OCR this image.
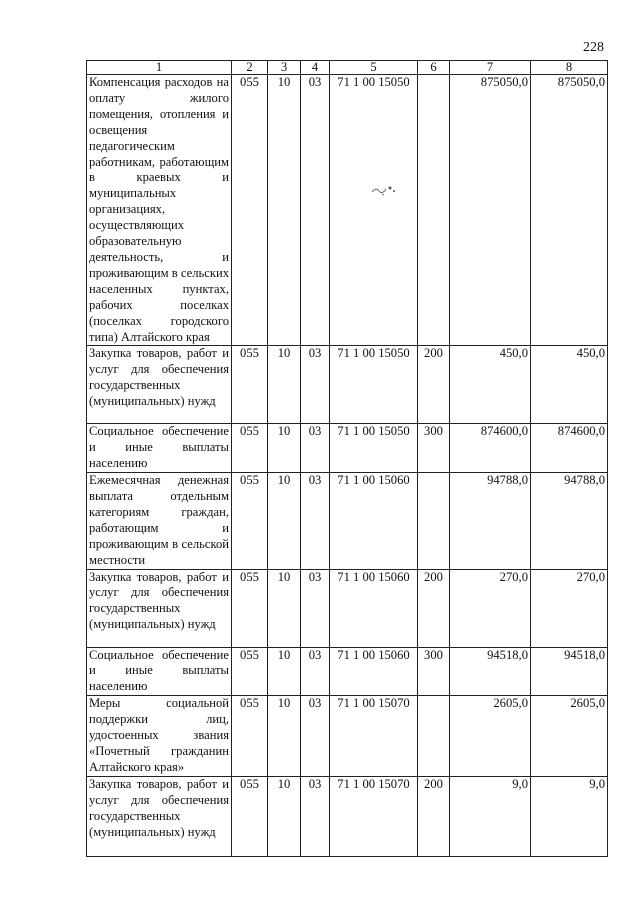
228
1	2	3	4	5	6	7	8
Компенсация расходов на оплату жилого помещения, отопления и освещения педагогическим работникам, работающим в краевых и муниципальных организациях, осуществляющих образовательную деятельность, и проживающим в сельских населенных пунктах, рабочих поселках (поселках городского типа) Алтайского края	055	10	03	71 1 00 15050		875050,0	875050,0
Закупка товаров, работ и услуг для обеспечения государственных (муниципальных) нужд	055	10	03	71 1 00 15050	200	450,0	450,0
Социальное обеспечение и иные выплаты населению	055	10	03	71 1 00 15050	300	874600,0	874600,0
Ежемесячная денежная выплата отдельным категориям граждан, работающим и проживающим в сельской местности	055	10	03	71 1 00 15060		94788,0	94788,0
Закупка товаров, работ и услуг для обеспечения государственных (муниципальных) нужд	055	10	03	71 1 00 15060	200	270,0	270,0
Социальное обеспечение и иные выплаты населению	055	10	03	71 1 00 15060	300	94518,0	94518,0
Меры социальной поддержки лиц, удостоенных звания «Почетный гражданин Алтайского края»	055	10	03	71 1 00 15070		2605,0	2605,0
Закупка товаров, работ и услуг для обеспечения государственных (муниципальных) нужд	055	10	03	71 1 00 15070	200	9,0	9,0
